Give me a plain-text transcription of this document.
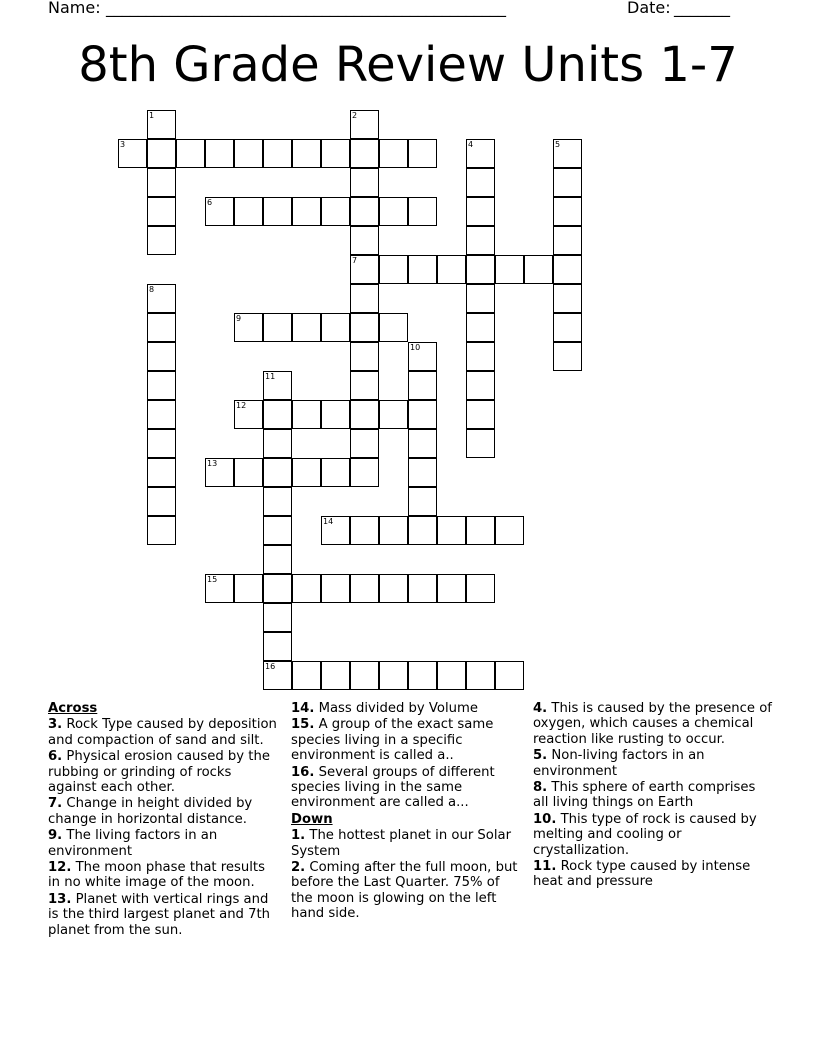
Name: __________________________________________________	Date: _______
8th Grade Review Units 1-7
3
6
7
9
12
13
14
15
16
1	2
4	5
8
10
11
Across
3. Rock Type caused by deposition and compaction of sand and silt.
6. Physical erosion caused by the rubbing or grinding of rocks against each other.
7. Change in height divided by change in horizontal distance.
9. The living factors in an environment
12. The moon phase that results in no white image of the moon.
13. Planet with vertical rings and is the third largest planet and 7th planet from the sun.
14. Mass divided by Volume
15. A group of the exact same species living in a specific environment is called a..
16. Several groups of different species living in the same environment are called a...
Down
1. The hottest planet in our Solar System
2. Coming after the full moon, but before the Last Quarter. 75% of the moon is glowing on the left hand side.
4. This is caused by the presence of oxygen, which causes a chemical reaction like rusting to occur.
5. Non-living factors in an environment
8. This sphere of earth comprises all living things on Earth
10. This type of rock is caused by melting and cooling or crystallization.
11. Rock type caused by intense heat and pressure
